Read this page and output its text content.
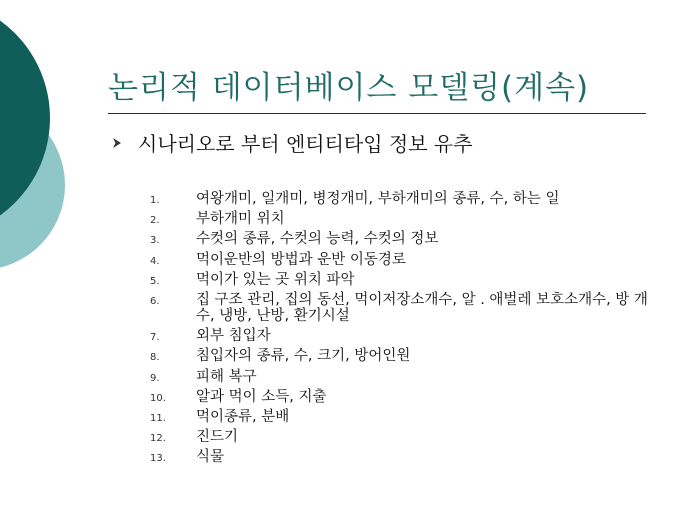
논리적 데이터베이스 모델링(계속)
시나리오로 부터 엔티티타입 정보 유추
1.	여왕개미, 일개미, 병정개미, 부하개미의 종류, 수, 하는 일
2.	부하개미 위치
3.	수컷의 종류, 수컷의 능력, 수컷의 정보
4.	먹이운반의 방법과 운반 이동경로
5.	먹이가 있는 곳 위치 파악
6.	집 구조 관리, 집의 동선, 먹이저장소개수, 알 . 애벌레 보호소개수, 방 개수, 냉방, 난방, 환기시설
7.	외부 침입자
8.	침입자의 종류, 수, 크기, 방어인원
9.	피해 복구
10.	알과 먹이 소득, 지출
11.	먹이종류, 분배
12.	진드기
13.	식물
